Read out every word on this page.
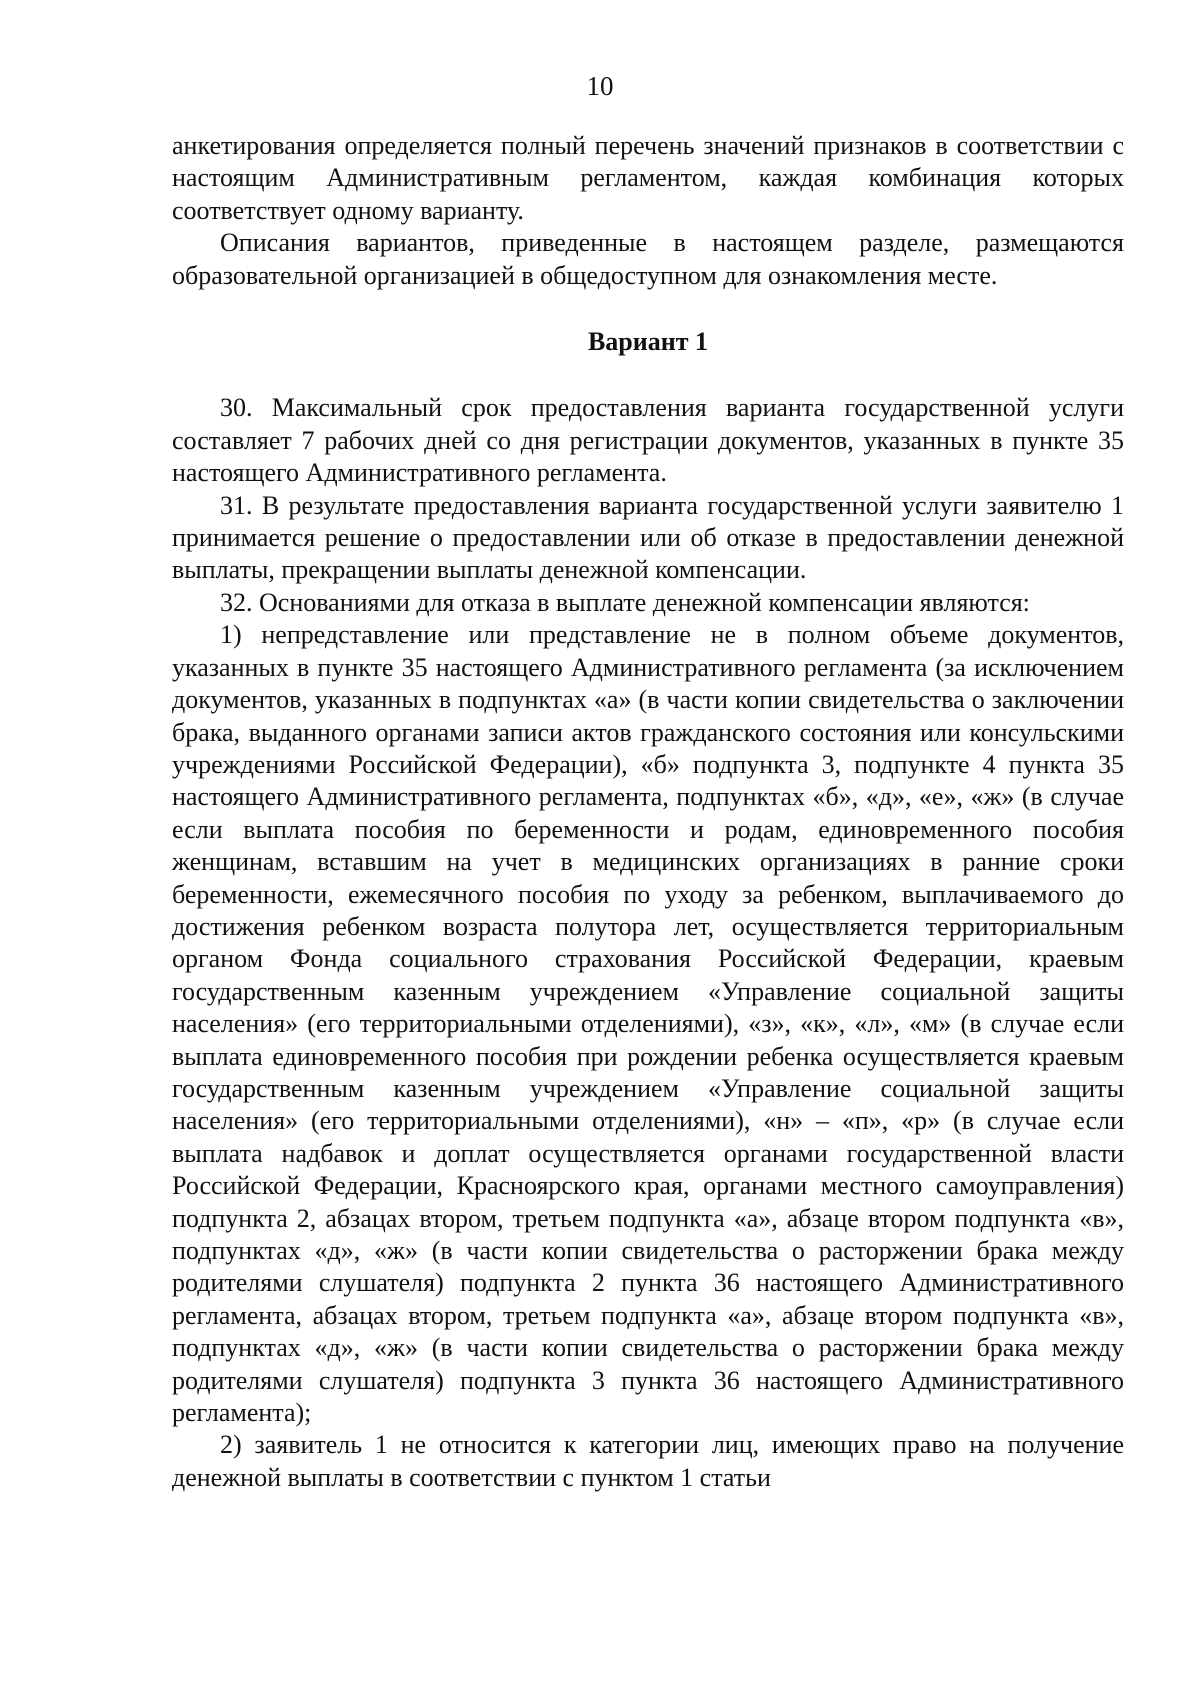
10

анкетирования определяется полный перечень значений признаков в соответствии с настоящим Административным регламентом, каждая комбинация которых соответствует одному варианту.

Описания вариантов, приведенные в настоящем разделе, размещаются образовательной организацией в общедоступном для ознакомления месте.

Вариант 1

30. Максимальный срок предоставления варианта государственной услуги составляет 7 рабочих дней со дня регистрации документов, указанных в пункте 35 настоящего Административного регламента.

31. В результате предоставления варианта государственной услуги заявителю 1 принимается решение о предоставлении или об отказе в предоставлении денежной выплаты, прекращении выплаты денежной компенсации.

32. Основаниями для отказа в выплате денежной компенсации являются:

1) непредставление или представление не в полном объеме документов, указанных в пункте 35 настоящего Административного регламента (за исключением документов, указанных в подпунктах «а» (в части копии свидетельства о заключении брака, выданного органами записи актов гражданского состояния или консульскими учреждениями Российской Федерации), «б» подпункта 3, подпункте 4 пункта 35 настоящего Административного регламента, подпунктах «б», «д», «е», «ж» (в случае если выплата пособия по беременности и родам, единовременного пособия женщинам, вставшим на учет в медицинских организациях в ранние сроки беременности, ежемесячного пособия по уходу за ребенком, выплачиваемого до достижения ребенком возраста полутора лет, осуществляется территориальным органом Фонда социального страхования Российской Федерации, краевым государственным казенным учреждением «Управление социальной защиты населения» (его территориальными отделениями), «з», «к», «л», «м» (в случае если выплата единовременного пособия при рождении ребенка осуществляется краевым государственным казенным учреждением «Управление социальной защиты населения» (его территориальными отделениями), «н» – «п», «р» (в случае если выплата надбавок и доплат осуществляется органами государственной власти Российской Федерации, Красноярского края, органами местного самоуправления) подпункта 2, абзацах втором, третьем подпункта «а», абзаце втором подпункта «в», подпунктах «д», «ж» (в части копии свидетельства о расторжении брака между родителями слушателя) подпункта 2 пункта 36 настоящего Административного регламента, абзацах втором, третьем подпункта «а», абзаце втором подпункта «в», подпунктах «д», «ж» (в части копии свидетельства о расторжении брака между родителями слушателя) подпункта 3 пункта 36 настоящего Административного регламента);

2) заявитель 1 не относится к категории лиц, имеющих право на получение денежной выплаты в соответствии с пунктом 1 статьи
